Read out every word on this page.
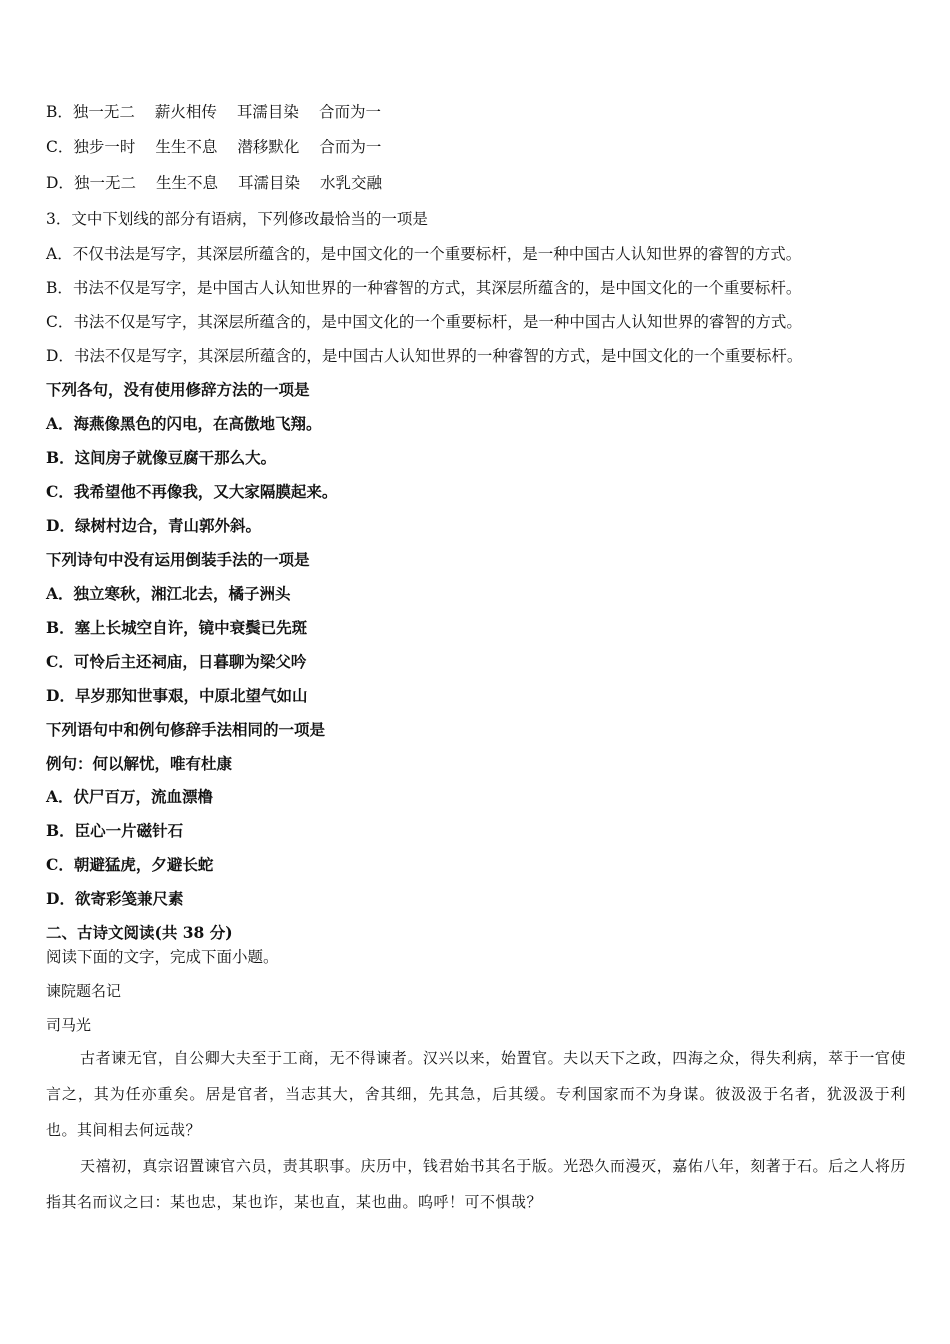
B．独一无二 薪火相传 耳濡目染 合而为一
C．独步一时 生生不息 潜移默化 合而为一
D．独一无二 生生不息 耳濡目染 水乳交融
3．文中下划线的部分有语病，下列修改最恰当的一项是
A．不仅书法是写字，其深层所蕴含的，是中国文化的一个重要标杆，是一种中国古人认知世界的睿智的方式。
B．书法不仅是写字，是中国古人认知世界的一种睿智的方式，其深层所蕴含的，是中国文化的一个重要标杆。
C．书法不仅是写字，其深层所蕴含的，是中国文化的一个重要标杆，是一种中国古人认知世界的睿智的方式。
D．书法不仅是写字，其深层所蕴含的，是中国古人认知世界的一种睿智的方式，是中国文化的一个重要标杆。
下列各句，没有使用修辞方法的一项是
A．海燕像黑色的闪电，在高傲地飞翔。
B．这间房子就像豆腐干那么大。
C．我希望他不再像我，又大家隔膜起来。
D．绿树村边合，青山郭外斜。
下列诗句中没有运用倒装手法的一项是
A．独立寒秋，湘江北去，橘子洲头
B．塞上长城空自许，镜中衰鬓已先斑
C．可怜后主还祠庙，日暮聊为梁父吟
D．早岁那知世事艰，中原北望气如山
下列语句中和例句修辞手法相同的一项是
例句：何以解忧，唯有杜康
A．伏尸百万，流血漂橹
B．臣心一片磁针石
C．朝避猛虎，夕避长蛇
D．欲寄彩笺兼尺素
二、古诗文阅读(共 38 分)
阅读下面的文字，完成下面小题。
谏院题名记
司马光
古者谏无官，自公卿大夫至于工商，无不得谏者。汉兴以来，始置官。夫以天下之政，四海之众，得失利病，萃于一官使言之，其为任亦重矣。居是官者，当志其大，舍其细，先其急，后其缓。专利国家而不为身谋。彼汲汲于名者，犹汲汲于利也。其间相去何远哉？
天禧初，真宗诏置谏官六员，责其职事。庆历中，钱君始书其名于版。光恐久而漫灭，嘉佑八年，刻著于石。后之人将历指其名而议之曰：某也忠，某也诈，某也直，某也曲。呜呼！可不惧哉？
